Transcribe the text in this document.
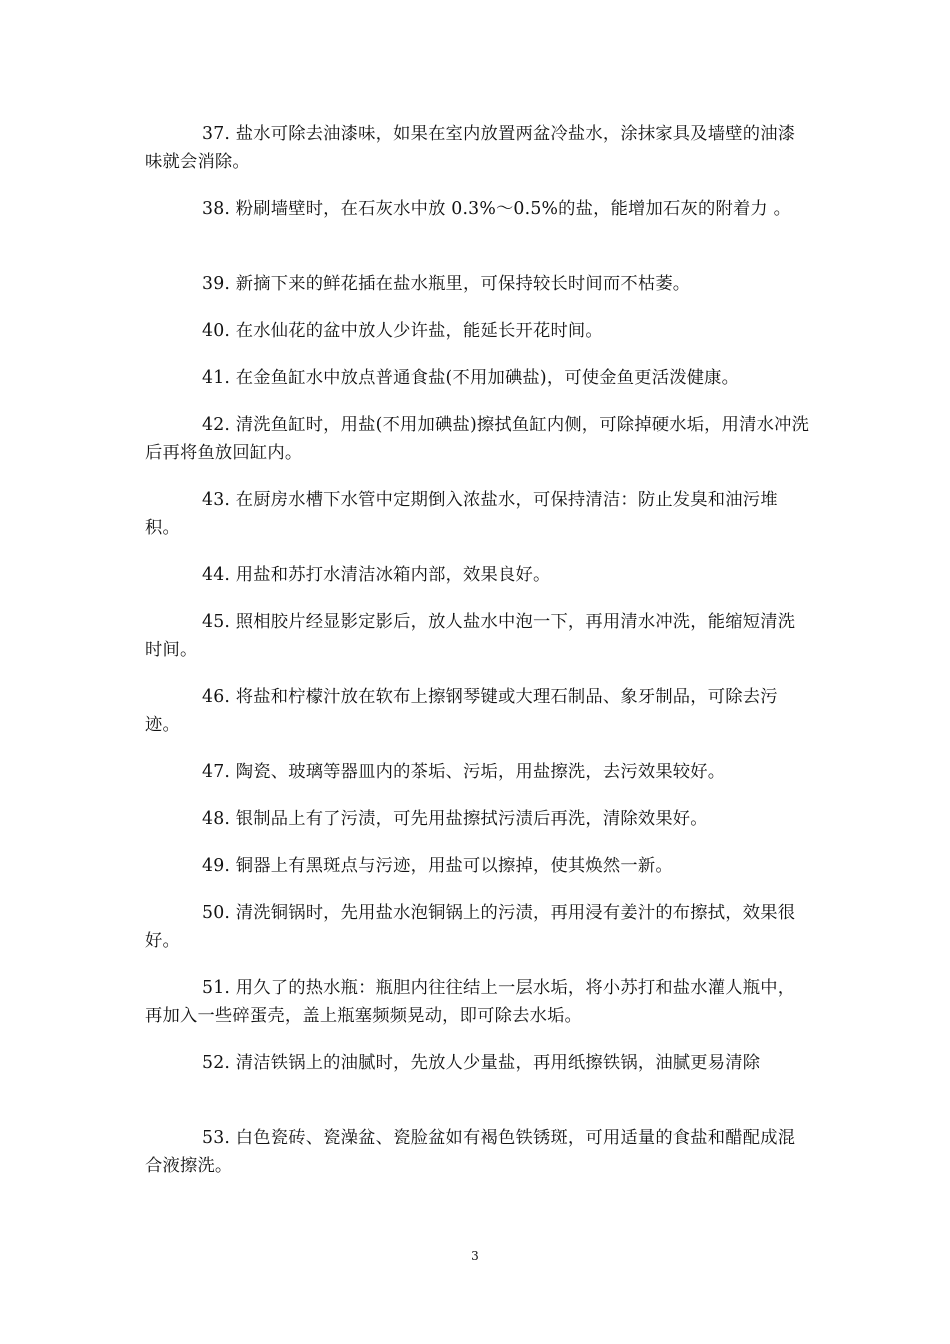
37. 盐水可除去油漆味，如果在室内放置两盆冷盐水，涂抹家具及墙壁的油漆味就会消除。

38. 粉刷墙壁时，在石灰水中放 0.3%～0.5%的盐，能增加石灰的附着力 。

39. 新摘下来的鲜花插在盐水瓶里，可保持较长时间而不枯萎。

40. 在水仙花的盆中放人少许盐，能延长开花时间。

41. 在金鱼缸水中放点普通食盐(不用加碘盐)，可使金鱼更活泼健康。

42. 清洗鱼缸时，用盐(不用加碘盐)擦拭鱼缸内侧，可除掉硬水垢，用清水冲洗后再将鱼放回缸内。

43. 在厨房水槽下水管中定期倒入浓盐水，可保持清洁：防止发臭和油污堆积。

44. 用盐和苏打水清洁冰箱内部，效果良好。

45. 照相胶片经显影定影后，放人盐水中泡一下，再用清水冲洗，能缩短清洗时间。

46. 将盐和柠檬汁放在软布上擦钢琴键或大理石制品、象牙制品，可除去污迹。

47. 陶瓷、玻璃等器皿内的茶垢、污垢，用盐擦洗，去污效果较好。

48. 银制品上有了污渍，可先用盐擦拭污渍后再洗，清除效果好。

49. 铜器上有黑斑点与污迹，用盐可以擦掉，使其焕然一新。

50. 清洗铜锅时，先用盐水泡铜锅上的污渍，再用浸有姜汁的布擦拭，效果很好。

51. 用久了的热水瓶：瓶胆内往往结上一层水垢，将小苏打和盐水灌人瓶中，再加入一些碎蛋壳，盖上瓶塞频频晃动，即可除去水垢。

52. 清洁铁锅上的油腻时，先放人少量盐，再用纸擦铁锅，油腻更易清除

53. 白色瓷砖、瓷澡盆、瓷脸盆如有褐色铁锈斑，可用适量的食盐和醋配成混合液擦洗。

3
